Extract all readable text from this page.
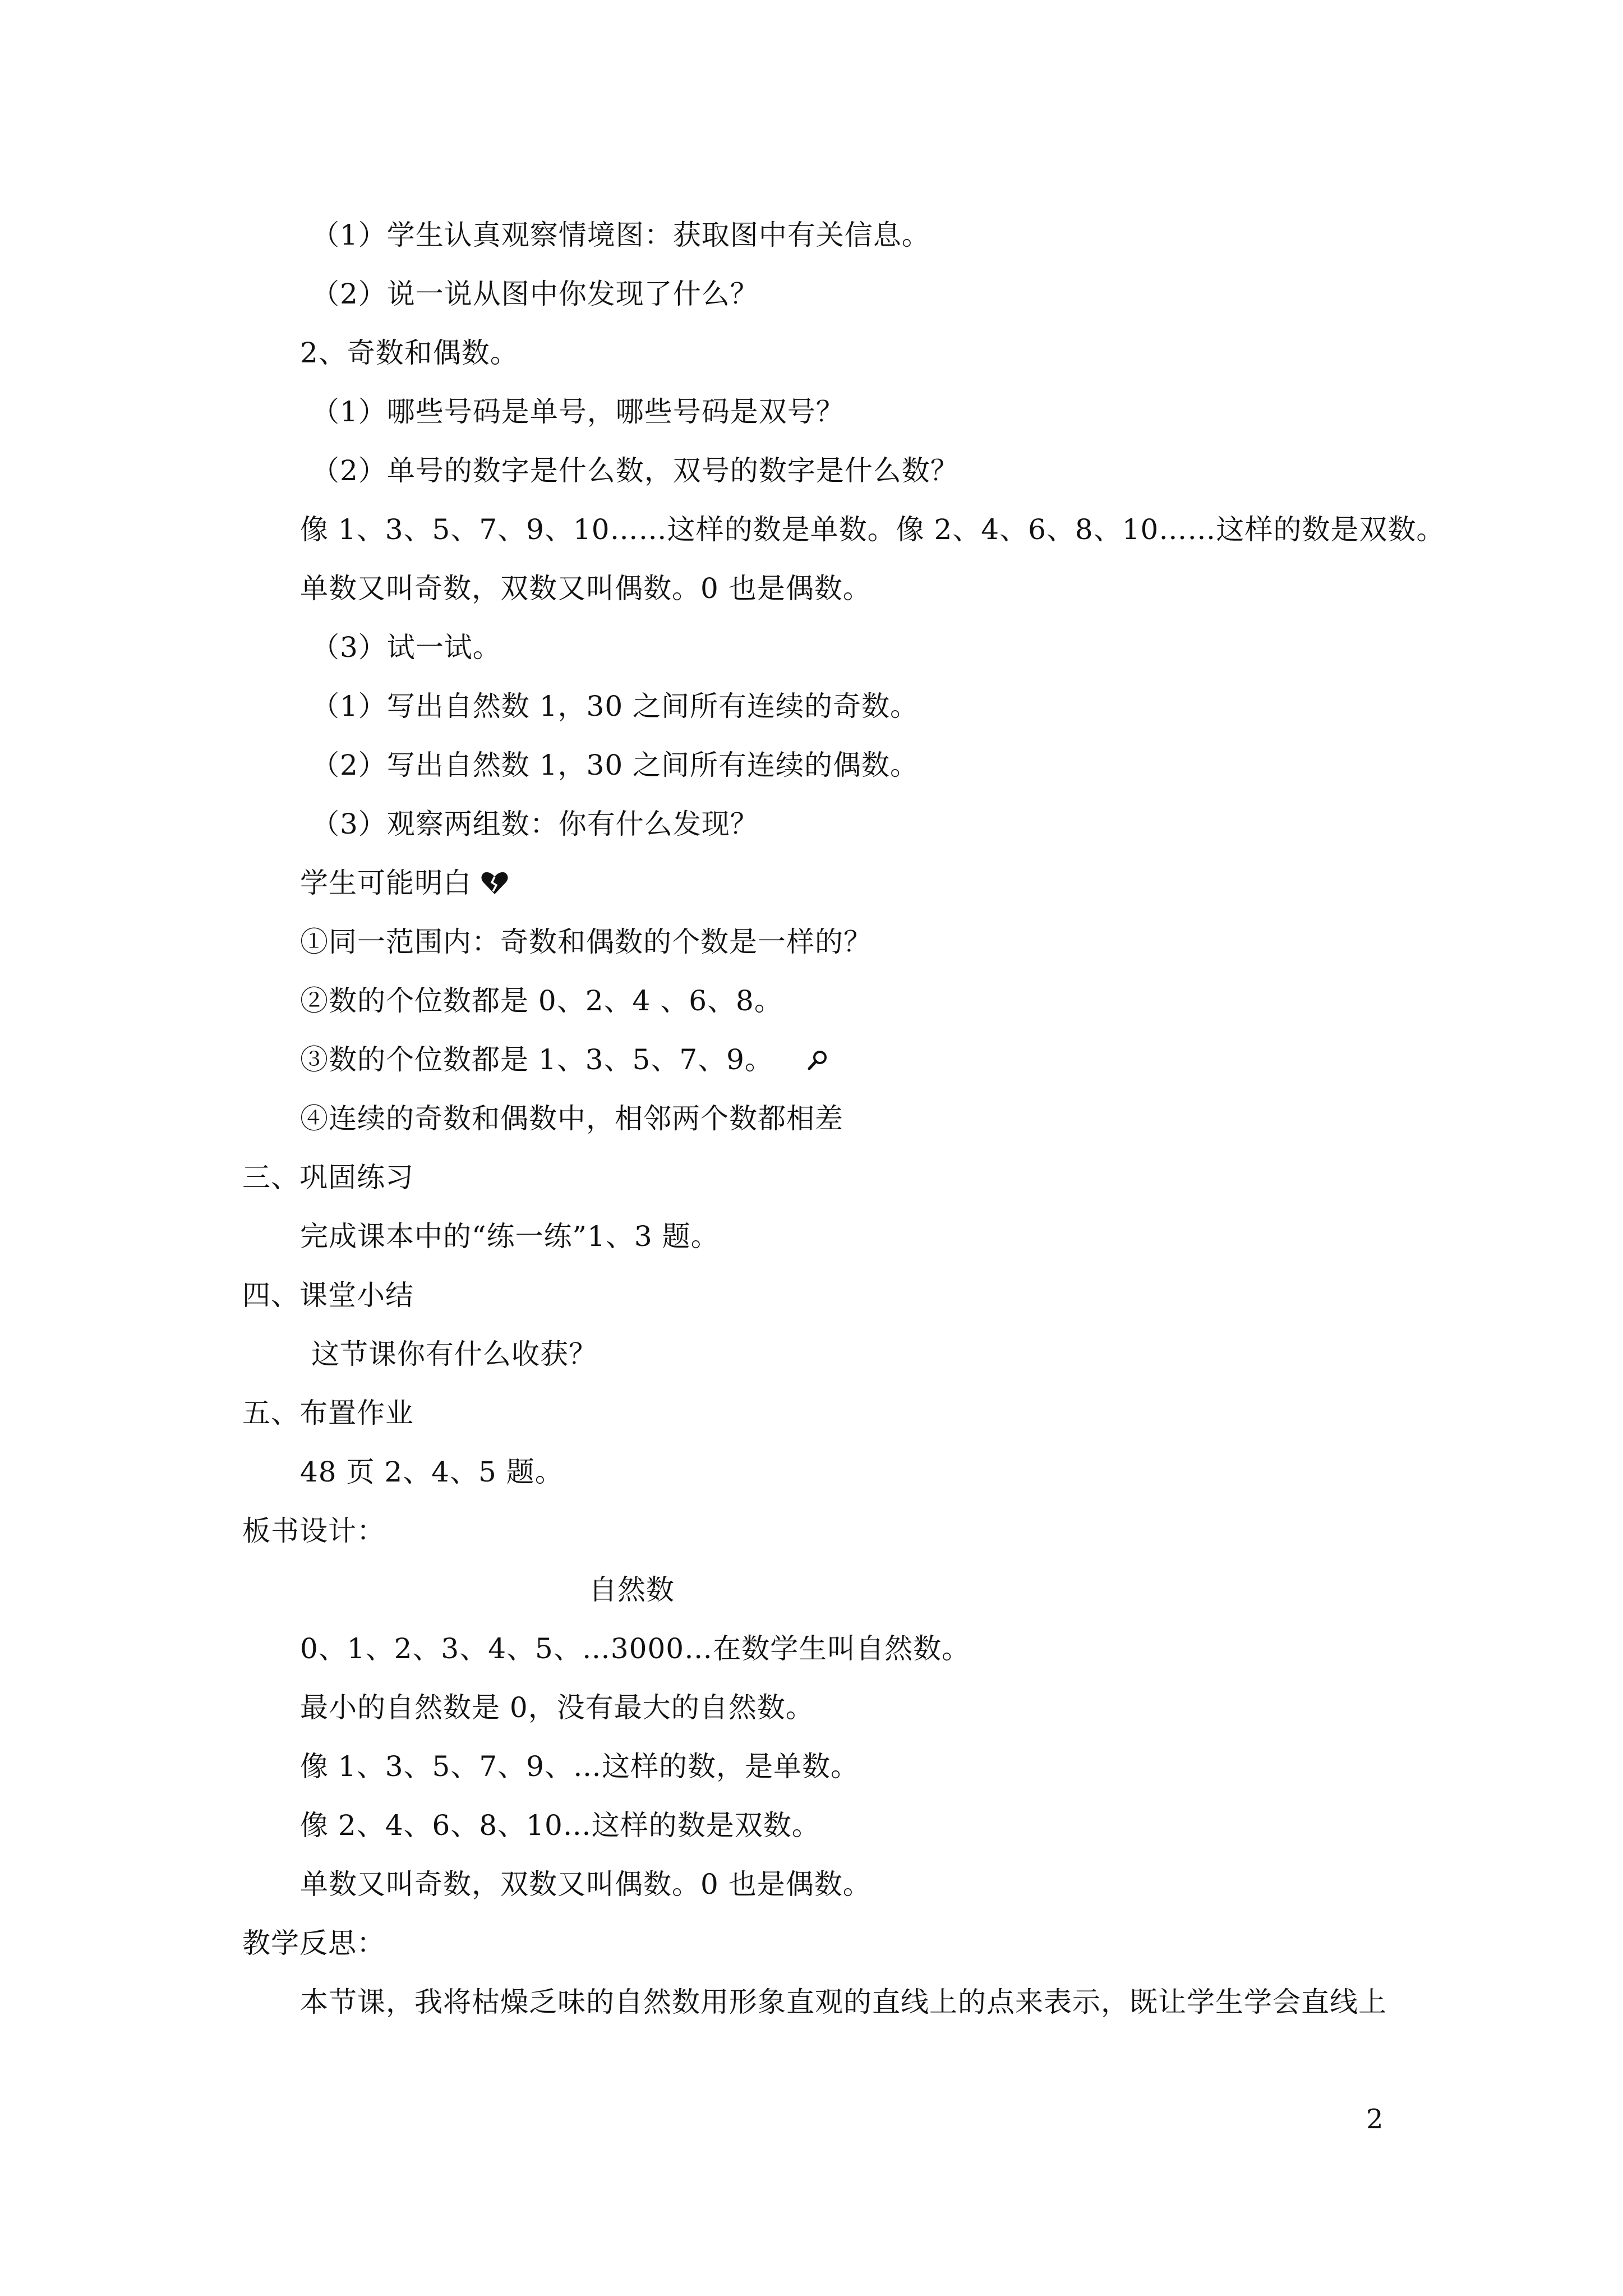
（1）学生认真观察情境图：获取图中有关信息。
（2）说一说从图中你发现了什么？
2、奇数和偶数。
（1）哪些号码是单号，哪些号码是双号？
（2）单号的数字是什么数，双号的数字是什么数？
像 1、3、5、7、9、10……这样的数是单数。像 2、4、6、8、10……这样的数是双数。
单数又叫奇数，双数又叫偶数。0 也是偶数。
（3）试一试。
（1）写出自然数 1，30 之间所有连续的奇数。
（2）写出自然数 1，30 之间所有连续的偶数。
（3）观察两组数：你有什么发现？
学生可能明白
①同一范围内：奇数和偶数的个数是一样的？
②数的个位数都是 0、2、4 、6、8。
③数的个位数都是 1、3、5、7、9。
④连续的奇数和偶数中，相邻两个数都相差
三、巩固练习
完成课本中的“练一练”1、3 题。
四、课堂小结
这节课你有什么收获？
五、布置作业
48 页 2、4、5 题。
板书设计：
自然数
0、1、2、3、4、5、…3000…在数学生叫自然数。
最小的自然数是 0，没有最大的自然数。
像 1、3、5、7、9、…这样的数，是单数。
像 2、4、6、8、10…这样的数是双数。
单数又叫奇数，双数又叫偶数。0 也是偶数。
教学反思：
本节课，我将枯燥乏味的自然数用形象直观的直线上的点来表示，既让学生学会直线上
2
